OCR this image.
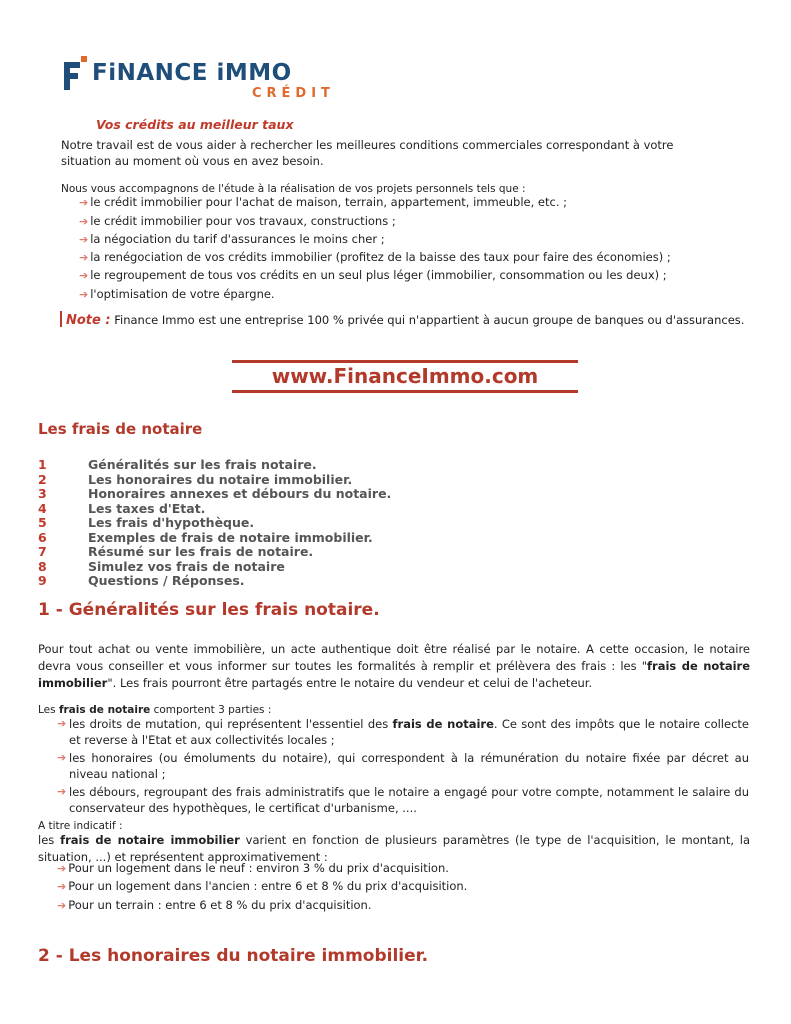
FiNANCE iMMO
CRÉDIT
Vos crédits au meilleur taux
Notre travail est de vous aider à rechercher les meilleures conditions commerciales correspondant à votre situation au moment où vous en avez besoin.
Nous vous accompagnons de l'étude à la réalisation de vos projets personnels tels que :
➔ le crédit immobilier pour l'achat de maison, terrain, appartement, immeuble, etc. ;
➔ le crédit immobilier pour vos travaux, constructions ;
➔ la négociation du tarif d'assurances le moins cher ;
➔ la renégociation de vos crédits immobilier (profitez de la baisse des taux pour faire des économies) ;
➔ le regroupement de tous vos crédits en un seul plus léger (immobilier, consommation ou les deux) ;
➔ l'optimisation de votre épargne.
Note : Finance Immo est une entreprise 100 % privée qui n'appartient à aucun groupe de banques ou d'assurances.
www.FinanceImmo.com
Les frais de notaire
1	Généralités sur les frais notaire.
2	Les honoraires du notaire immobilier.
3	Honoraires annexes et débours du notaire.
4	Les taxes d'Etat.
5	Les frais d'hypothèque.
6	Exemples de frais de notaire immobilier.
7	Résumé sur les frais de notaire.
8	Simulez vos frais de notaire
9	Questions / Réponses.
1 - Généralités sur les frais notaire.
Pour tout achat ou vente immobilière, un acte authentique doit être réalisé par le notaire. A cette occasion, le notaire devra vous conseiller et vous informer sur toutes les formalités à remplir et prélèvera des frais : les "frais de notaire immobilier". Les frais pourront être partagés entre le notaire du vendeur et celui de l'acheteur.
Les frais de notaire comportent 3 parties :
➔ les droits de mutation, qui représentent l'essentiel des frais de notaire. Ce sont des impôts que le notaire collecte et reverse à l'Etat et aux collectivités locales ;
➔ les honoraires (ou émoluments du notaire), qui correspondent à la rémunération du notaire fixée par décret au niveau national ;
➔ les débours, regroupant des frais administratifs que le notaire a engagé pour votre compte, notamment le salaire du conservateur des hypothèques, le certificat d'urbanisme, ....
A titre indicatif :
les frais de notaire immobilier varient en fonction de plusieurs paramètres (le type de l'acquisition, le montant, la situation, ...) et représentent approximativement :
➔ Pour un logement dans le neuf : environ 3 % du prix d'acquisition.
➔ Pour un logement dans l'ancien : entre 6 et 8 % du prix d'acquisition.
➔ Pour un terrain : entre 6 et 8 % du prix d'acquisition.
2 - Les honoraires du notaire immobilier.
